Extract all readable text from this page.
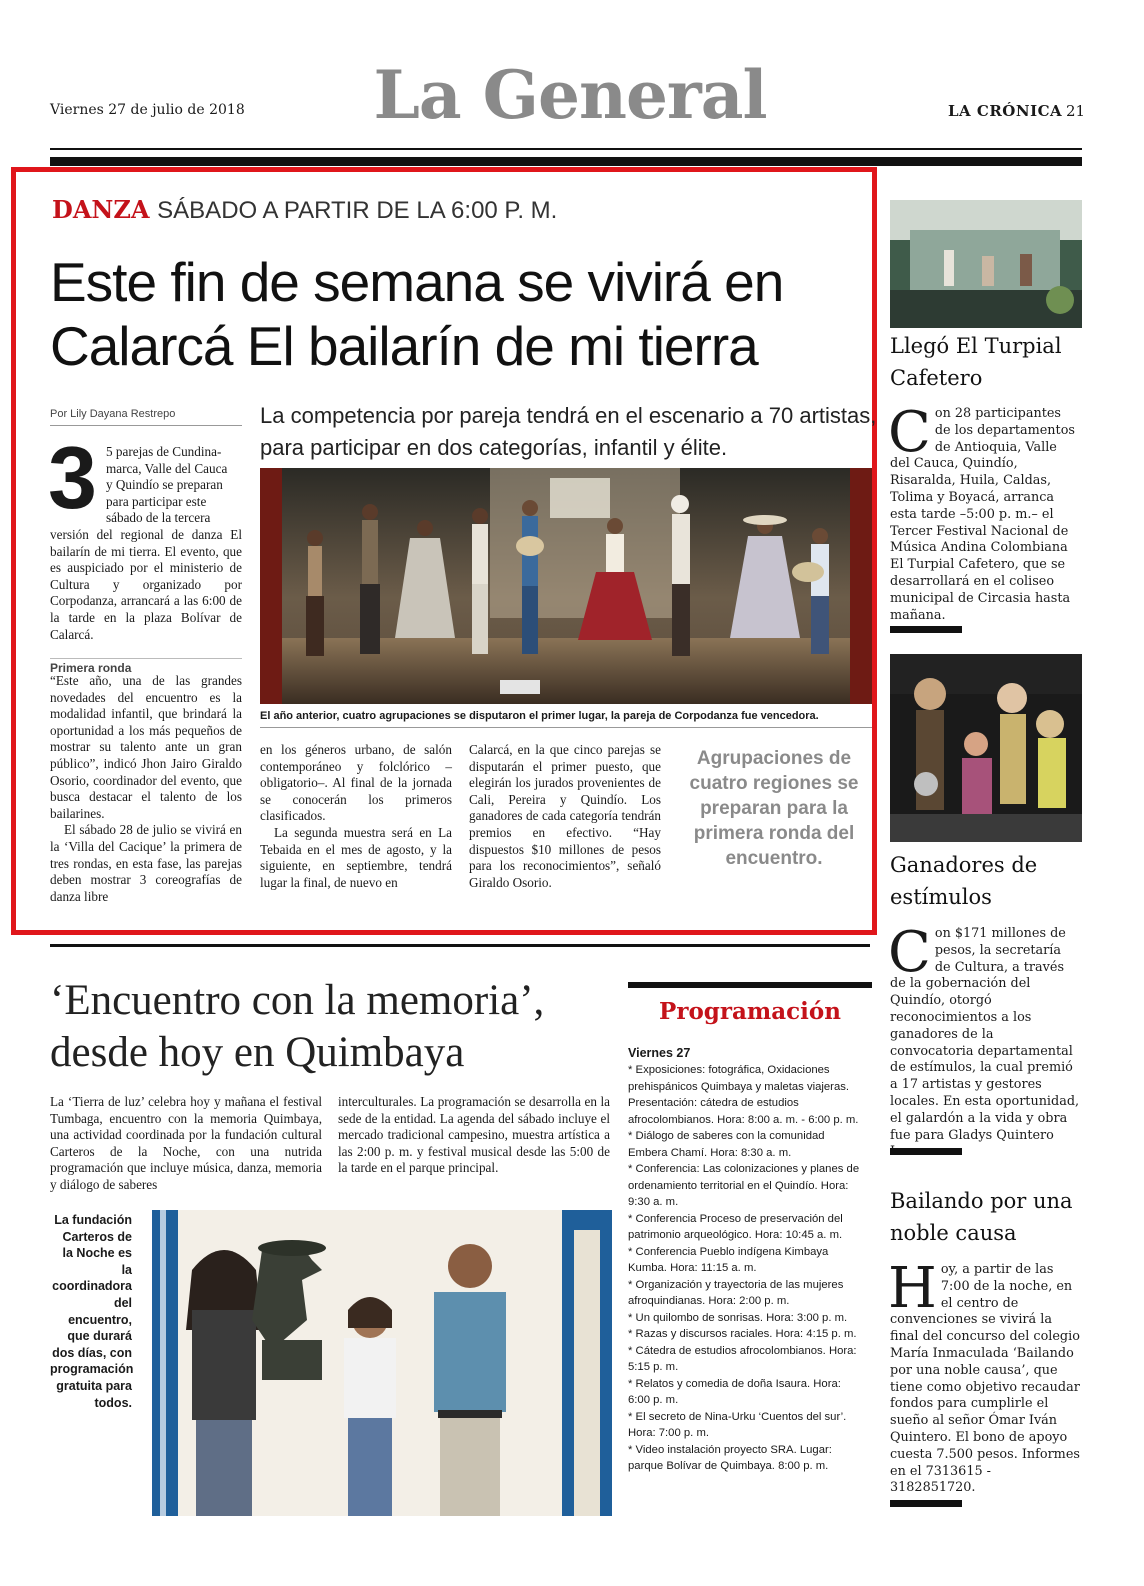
Viernes 27 de julio de 2018 La General	LA CRÓNICA 21
DANZA SÁBADO A PARTIR DE LA 6:00 P. M.
Este fin de semana se vivirá en Calarcá El bailarín de mi tierra
Por Lily Dayana Restrepo	La competencia por pareja tendrá en el escenario a 70 artistas, para participar en dos categorías, infantil y élite.
3 5 parejas de Cundina-
marca, Valle del Cauca
y Quindío se preparan
para participar este
sábado de la tercera
versión del regional de danza El bailarín de mi tierra. El evento, que es auspiciado por el ministerio de Cultura y organizado por Corpodanza, arrancará a las 6:00 de la tarde en la plaza Bolívar de Calarcá.
Primera ronda
“Este año, una de las grandes novedades del encuentro es la modalidad infantil, que brindará la oportunidad a los más pequeños de mostrar su talento ante un gran público”, indicó Jhon Jairo Giraldo Osorio, coordinador del evento, que busca destacar el talento de los bailarines.
El sábado 28 de julio se vivirá en la ‘Villa del Cacique’ la primera de tres rondas, en esta fase, las parejas deben mostrar 3 coreografías de danza libre
El año anterior, cuatro agrupaciones se disputaron el primer lugar, la pareja de Corpodanza fue vencedora.
en los géneros urbano, de salón contemporáneo y folclórico –obligatorio–. Al final de la jornada se conocerán los primeros clasificados.
La segunda muestra será en La Tebaida en el mes de agosto, y la siguiente, en septiembre, tendrá lugar la final, de nuevo en
Calarcá, en la que cinco parejas se disputarán el primer puesto, que elegirán los jurados provenientes de Cali, Pereira y Quindío. Los ganadores de cada categoría tendrán premios en efectivo. “Hay dispuestos $10 millones de pesos para los reconocimientos”, señaló Giraldo Osorio.
Agrupaciones de cuatro regiones se preparan para la primera ronda del encuentro.
‘Encuentro con la memoria’, desde hoy en Quimbaya
La ‘Tierra de luz’ celebra hoy y mañana el festival Tumbaga, encuentro con la memoria Quimbaya, una actividad coordinada por la fundación cultural Carteros de la Noche, con una nutrida programación que incluye música, danza, memoria y diálogo de saberes
interculturales. La programación se desarrolla en la sede de la entidad. La agenda del sábado incluye el mercado tradicional campesino, muestra artística a las 2:00 p. m. y festival musical desde las 5:00 de la tarde en el parque principal.
La fundación Carteros de la Noche es la coordinadora del encuentro, que durará dos días, con programación gratuita para todos.
Programación
Viernes 27

* Exposiciones: fotográfica, Oxidaciones prehispánicos Quimbaya y maletas viajeras. Presentación: cátedra de estudios afrocolombianos. Hora: 8:00 a. m. - 6:00 p. m.

* Diálogo de saberes con la comunidad Embera Chamí. Hora: 8:30 a. m.

* Conferencia: Las colonizaciones y planes de ordenamiento territorial en el Quindío. Hora: 9:30 a. m.

* Conferencia Proceso de preservación del patrimonio arqueológico. Hora: 10:45 a. m.

* Conferencia Pueblo indígena Kimbaya Kumba. Hora: 11:15 a. m.

* Organización y trayectoria de las mujeres afroquindianas. Hora: 2:00 p. m.

* Un quilombo de sonrisas. Hora: 3:00 p. m.

* Razas y discursos raciales. Hora: 4:15 p. m.

* Cátedra de estudios afrocolombianos. Hora: 5:15 p. m.

* Relatos y comedia de doña Isaura. Hora: 6:00 p. m.

* El secreto de Nina-Urku ‘Cuentos del sur’. Hora: 7:00 p. m.

* Video instalación proyecto SRA. Lugar: parque Bolívar de Quimbaya. 8:00 p. m.

Llegó El Turpial Cafetero
C on 28 participantes de los departamentos de Antioquia, Valle del Cauca, Quindío, Risaralda, Huila, Caldas, Tolima y Boyacá, arranca esta tarde –5:00 p. m.– el Tercer Festival Nacional de Música Andina Colombiana El Turpial Cafetero, que se desarrollará en el coliseo municipal de Circasia hasta mañana.
Ganadores de estímulos
C on $171 millones de pesos, la secretaría de Cultura, a través de la gobernación del Quindío, otorgó reconocimientos a los ganadores de la convocatoria departamental de estímulos, la cual premió a 17 artistas y gestores locales. En esta oportunidad, el galardón a la vida y obra fue para Gladys Quintero
Bailando por una noble causa
H oy, a partir de las 7:00 de la noche, en el centro de convenciones se vivirá la final del concurso del colegio María Inmaculada ‘Bailando por una noble causa’, que tiene como objetivo recaudar fondos para cumplirle el sueño al señor Ómar Iván Quintero. El bono de apoyo cuesta 7.500 pesos. Informes en el 7313615 - 3182851720.
